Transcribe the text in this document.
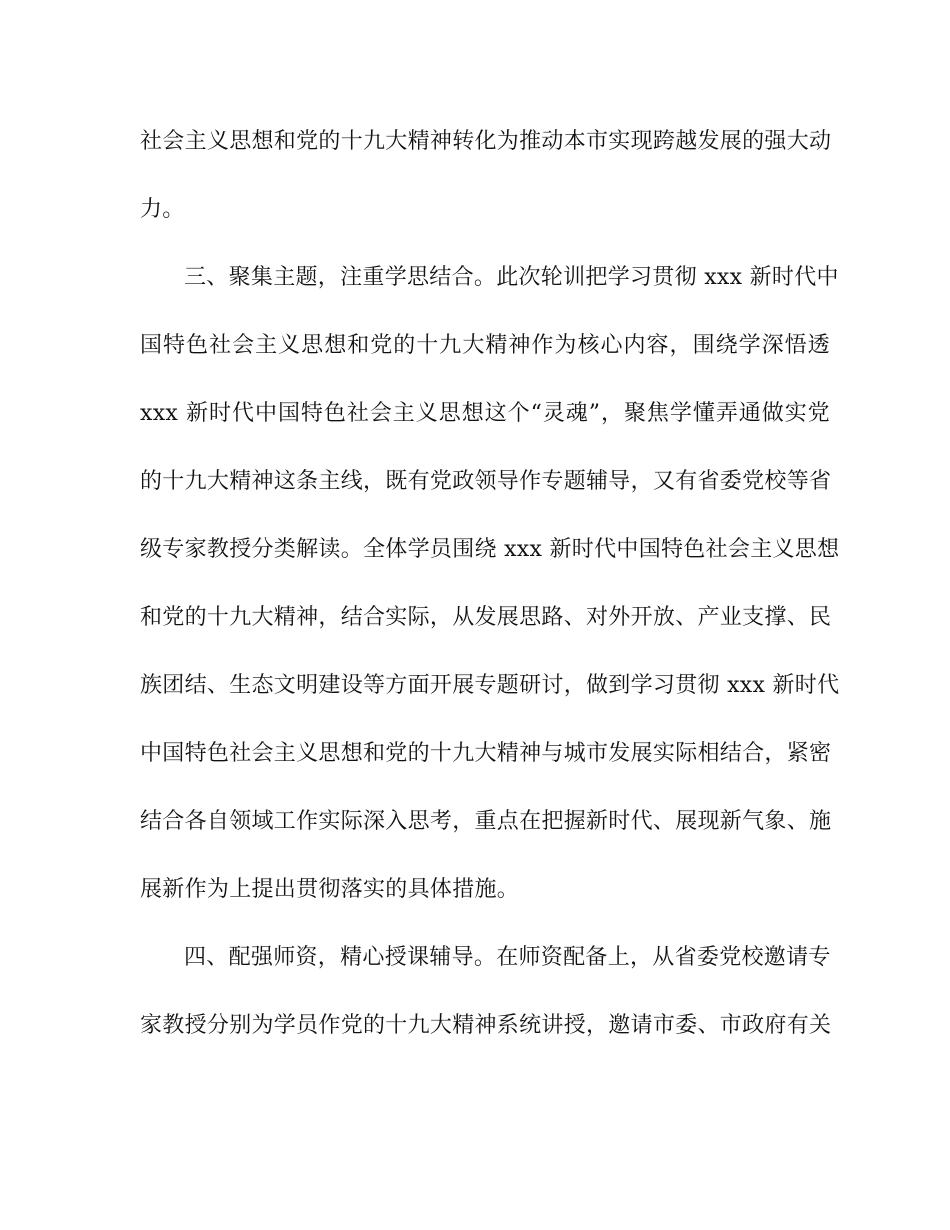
社会主义思想和党的十九大精神转化为推动本市实现跨越发展的强大动
力。
三、聚集主题，注重学思结合。此次轮训把学习贯彻 xxx 新时代中
国特色社会主义思想和党的十九大精神作为核心内容，围绕学深悟透
xxx 新时代中国特色社会主义思想这个“灵魂”，聚焦学懂弄通做实党
的十九大精神这条主线，既有党政领导作专题辅导，又有省委党校等省
级专家教授分类解读。全体学员围绕 xxx 新时代中国特色社会主义思想
和党的十九大精神，结合实际，从发展思路、对外开放、产业支撑、民
族团结、生态文明建设等方面开展专题研讨，做到学习贯彻 xxx 新时代
中国特色社会主义思想和党的十九大精神与城市发展实际相结合，紧密
结合各自领域工作实际深入思考，重点在把握新时代、展现新气象、施
展新作为上提出贯彻落实的具体措施。
四、配强师资，精心授课辅导。在师资配备上，从省委党校邀请专
家教授分别为学员作党的十九大精神系统讲授，邀请市委、市政府有关
